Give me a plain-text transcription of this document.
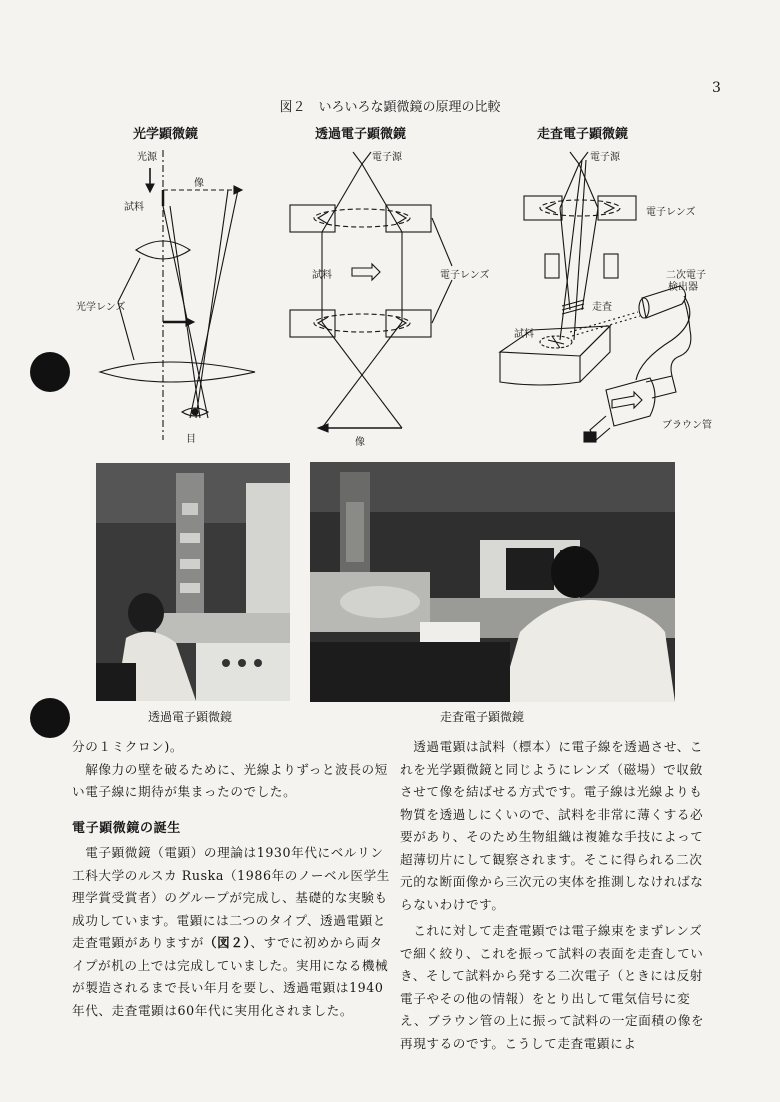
3
図２　いろいろな顕微鏡の原理の比較
光学顕微鏡	透過電子顕微鏡	走査電子顕微鏡
光源
像
試料
光学レンズ
目
電子源
試料	電子レンズ
像
電子源
電子レンズ
二次電子
検出器
走査
試料
ブラウン管
透過電子顕微鏡	走査電子顕微鏡

分の１ミクロン)。

　解像力の壁を破るために、光線よりずっと波長の短い電子線に期待が集まったのでした。

電子顕微鏡の誕生

　電子顕微鏡（電顕）の理論は1930年代にベルリン工科大学のルスカ Ruska（1986年のノーベル医学生理学賞受賞者）のグループが完成し、基礎的な実験も成功しています。電顕には二つのタイプ、透過電顕と走査電顕がありますが（図２）、すでに初めから両タイプが机の上では完成していました。実用になる機械が製造されるまで長い年月を要し、透過電顕は1940年代、走査電顕は60年代に実用化されました。

　透過電顕は試料（標本）に電子線を透過させ、これを光学顕微鏡と同じようにレンズ（磁場）で収斂させて像を結ばせる方式です。電子線は光線よりも物質を透過しにくいので、試料を非常に薄くする必要があり、そのため生物組織は複雑な手技によって超薄切片にして観察されます。そこに得られる二次元的な断面像から三次元の実体を推測しなければならないわけです。

　これに対して走査電顕では電子線束をまずレンズで細く絞り、これを振って試料の表面を走査していき、そして試料から発する二次電子（ときには反射電子やその他の情報）をとり出して電気信号に変え、ブラウン管の上に振って試料の一定面積の像を再現するのです。こうして走査電顕によ
